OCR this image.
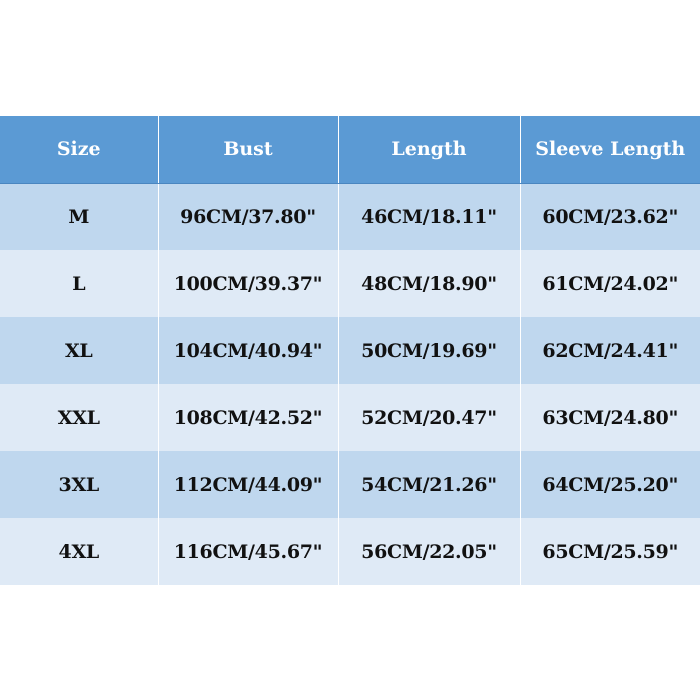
Size	Bust	Length	Sleeve Length
M	96CM/37.80"	46CM/18.11"	60CM/23.62"
L	100CM/39.37"	48CM/18.90"	61CM/24.02"
XL	104CM/40.94"	50CM/19.69"	62CM/24.41"
XXL	108CM/42.52"	52CM/20.47"	63CM/24.80"
3XL	112CM/44.09"	54CM/21.26"	64CM/25.20"
4XL	116CM/45.67"	56CM/22.05"	65CM/25.59"
